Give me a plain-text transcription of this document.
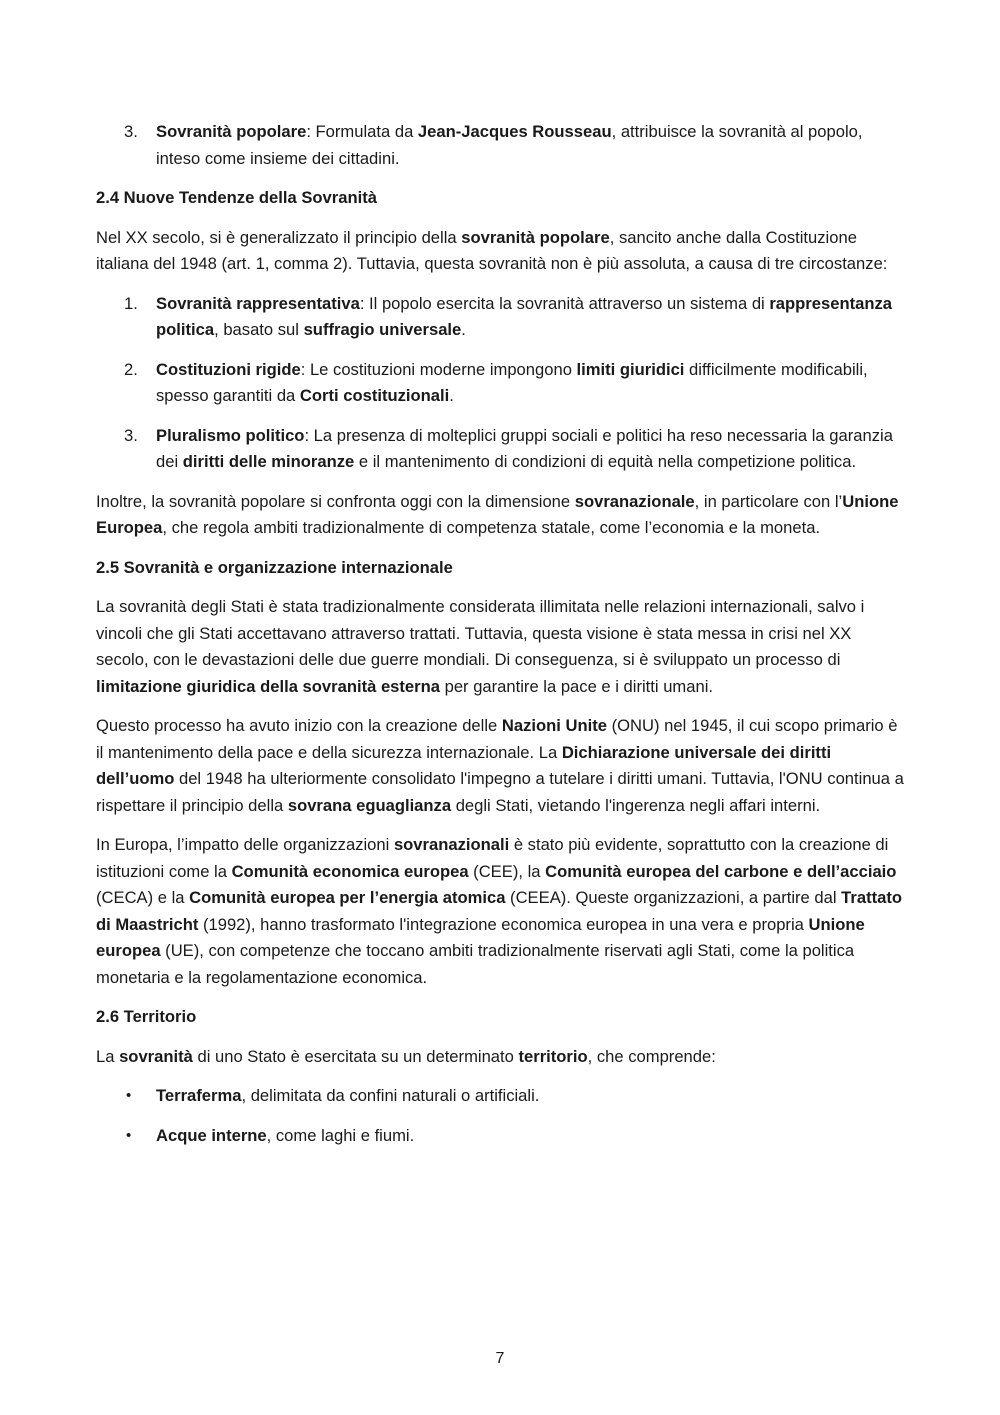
3. Sovranità popolare: Formulata da Jean-Jacques Rousseau, attribuisce la sovranità al popolo, inteso come insieme dei cittadini.

2.4 Nuove Tendenze della Sovranità

Nel XX secolo, si è generalizzato il principio della sovranità popolare, sancito anche dalla Costituzione italiana del 1948 (art. 1, comma 2). Tuttavia, questa sovranità non è più assoluta, a causa di tre circostanze:

1. Sovranità rappresentativa: Il popolo esercita la sovranità attraverso un sistema di rappresentanza politica, basato sul suffragio universale.

2. Costituzioni rigide: Le costituzioni moderne impongono limiti giuridici difficilmente modificabili, spesso garantiti da Corti costituzionali.

3. Pluralismo politico: La presenza di molteplici gruppi sociali e politici ha reso necessaria la garanzia dei diritti delle minoranze e il mantenimento di condizioni di equità nella competizione politica.

Inoltre, la sovranità popolare si confronta oggi con la dimensione sovranazionale, in particolare con l’Unione Europea, che regola ambiti tradizionalmente di competenza statale, come l’economia e la moneta.

2.5 Sovranità e organizzazione internazionale

La sovranità degli Stati è stata tradizionalmente considerata illimitata nelle relazioni internazionali, salvo i vincoli che gli Stati accettavano attraverso trattati. Tuttavia, questa visione è stata messa in crisi nel XX secolo, con le devastazioni delle due guerre mondiali. Di conseguenza, si è sviluppato un processo di limitazione giuridica della sovranità esterna per garantire la pace e i diritti umani.

Questo processo ha avuto inizio con la creazione delle Nazioni Unite (ONU) nel 1945, il cui scopo primario è il mantenimento della pace e della sicurezza internazionale. La Dichiarazione universale dei diritti dell’uomo del 1948 ha ulteriormente consolidato l'impegno a tutelare i diritti umani. Tuttavia, l'ONU continua a rispettare il principio della sovrana eguaglianza degli Stati, vietando l'ingerenza negli affari interni.

In Europa, l’impatto delle organizzazioni sovranazionali è stato più evidente, soprattutto con la creazione di istituzioni come la Comunità economica europea (CEE), la Comunità europea del carbone e dell’acciaio (CECA) e la Comunità europea per l’energia atomica (CEEA). Queste organizzazioni, a partire dal Trattato di Maastricht (1992), hanno trasformato l'integrazione economica europea in una vera e propria Unione europea (UE), con competenze che toccano ambiti tradizionalmente riservati agli Stati, come la politica monetaria e la regolamentazione economica.

2.6 Territorio

La sovranità di uno Stato è esercitata su un determinato territorio, che comprende:

• Terraferma, delimitata da confini naturali o artificiali.

• Acque interne, come laghi e fiumi.

7
